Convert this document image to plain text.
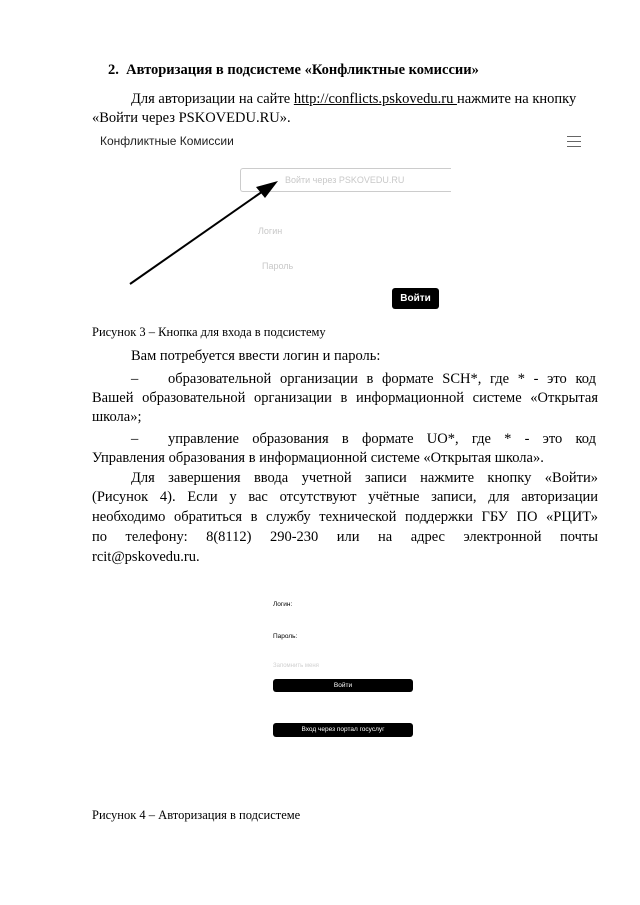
2. Авторизация в подсистеме «Конфликтные комиссии»
Для авторизации на сайте http://conflicts.pskovedu.ru нажмите на кнопку
«Войти через PSKOVEDU.RU».
Конфликтные Комиссии
Войти через PSKOVEDU.RU
Логин
Пароль
Войти
Рисунок 3 – Кнопка для входа в подсистему
Вам потребуется ввести логин и пароль:
– образовательной организации в формате SCH*, где * - это код
Вашей образовательной организации в информационной системе «Открытая
школа»;
– управление образования в формате UO*, где * - это код
Управления образования в информационной системе «Открытая школа».
Для завершения ввода учетной записи нажмите кнопку «Войти»
(Рисунок 4). Если у вас отсутствуют учётные записи, для авторизации
необходимо обратиться в службу технической поддержки ГБУ ПО «РЦИТ»
по телефону: 8(8112) 290-230 или на адрес электронной почты
rcit@pskovedu.ru.
Логин:
Пароль:
Запомнить меня
Войти
Вход через портал госуслуг
Рисунок 4 – Авторизация в подсистеме
